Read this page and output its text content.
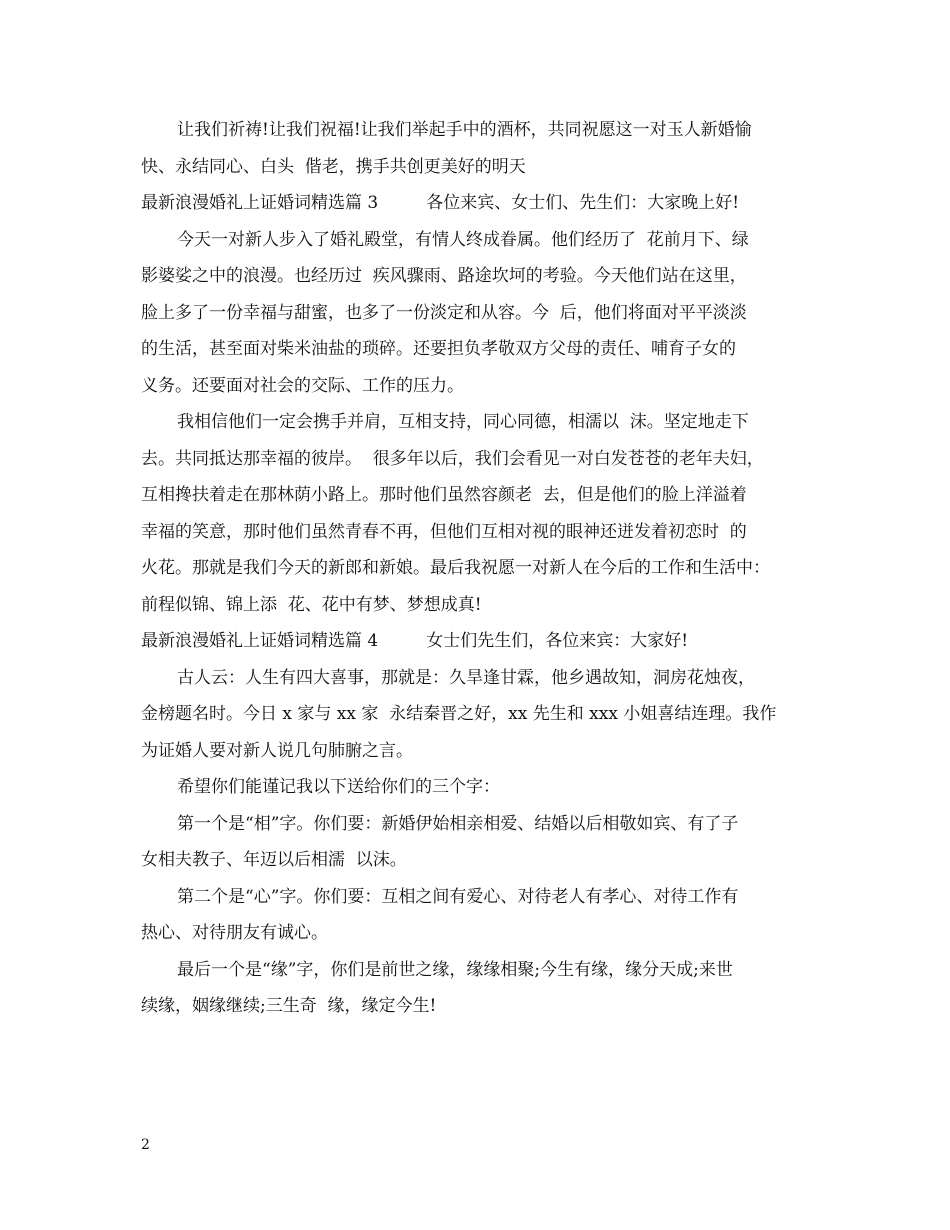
让我们祈祷!让我们祝福!让我们举起手中的酒杯，共同祝愿这一对玉人新婚愉
快、永结同心、白头  偕老，携手共创更美好的明天
最新浪漫婚礼上证婚词精选篇 3	各位来宾、女士们、先生们：大家晚上好!
今天一对新人步入了婚礼殿堂，有情人终成眷属。他们经历了  花前月下、绿
影婆娑之中的浪漫。也经历过  疾风骤雨、路途坎坷的考验。今天他们站在这里，
脸上多了一份幸福与甜蜜，也多了一份淡定和从容。今  后，他们将面对平平淡淡
的生活，甚至面对柴米油盐的琐碎。还要担负孝敬双方父母的责任、哺育子女的
义务。还要面对社会的交际、工作的压力。
我相信他们一定会携手并肩，互相支持，同心同德，相濡以  沫。坚定地走下
去。共同抵达那幸福的彼岸。  很多年以后，我们会看见一对白发苍苍的老年夫妇，
互相搀扶着走在那林荫小路上。那时他们虽然容颜老  去，但是他们的脸上洋溢着
幸福的笑意，那时他们虽然青春不再，但他们互相对视的眼神还迸发着初恋时  的
火花。那就是我们今天的新郎和新娘。最后我祝愿一对新人在今后的工作和生活中：
前程似锦、锦上添  花、花中有梦、梦想成真!
最新浪漫婚礼上证婚词精选篇 4	女士们先生们，各位来宾：大家好!
古人云：人生有四大喜事，那就是：久旱逢甘霖，他乡遇故知，洞房花烛夜，
金榜题名时。今日 x 家与 xx 家  永结秦晋之好，xx 先生和 xxx 小姐喜结连理。我作
为证婚人要对新人说几句肺腑之言。
希望你们能谨记我以下送给你们的三个字：
第一个是“相”字。你们要：新婚伊始相亲相爱、结婚以后相敬如宾、有了子
女相夫教子、年迈以后相濡  以沫。
第二个是“心”字。你们要：互相之间有爱心、对待老人有孝心、对待工作有
热心、对待朋友有诚心。
最后一个是“缘”字，你们是前世之缘，缘缘相聚;今生有缘，缘分天成;来世
续缘，姻缘继续;三生奇  缘，缘定今生!
2
